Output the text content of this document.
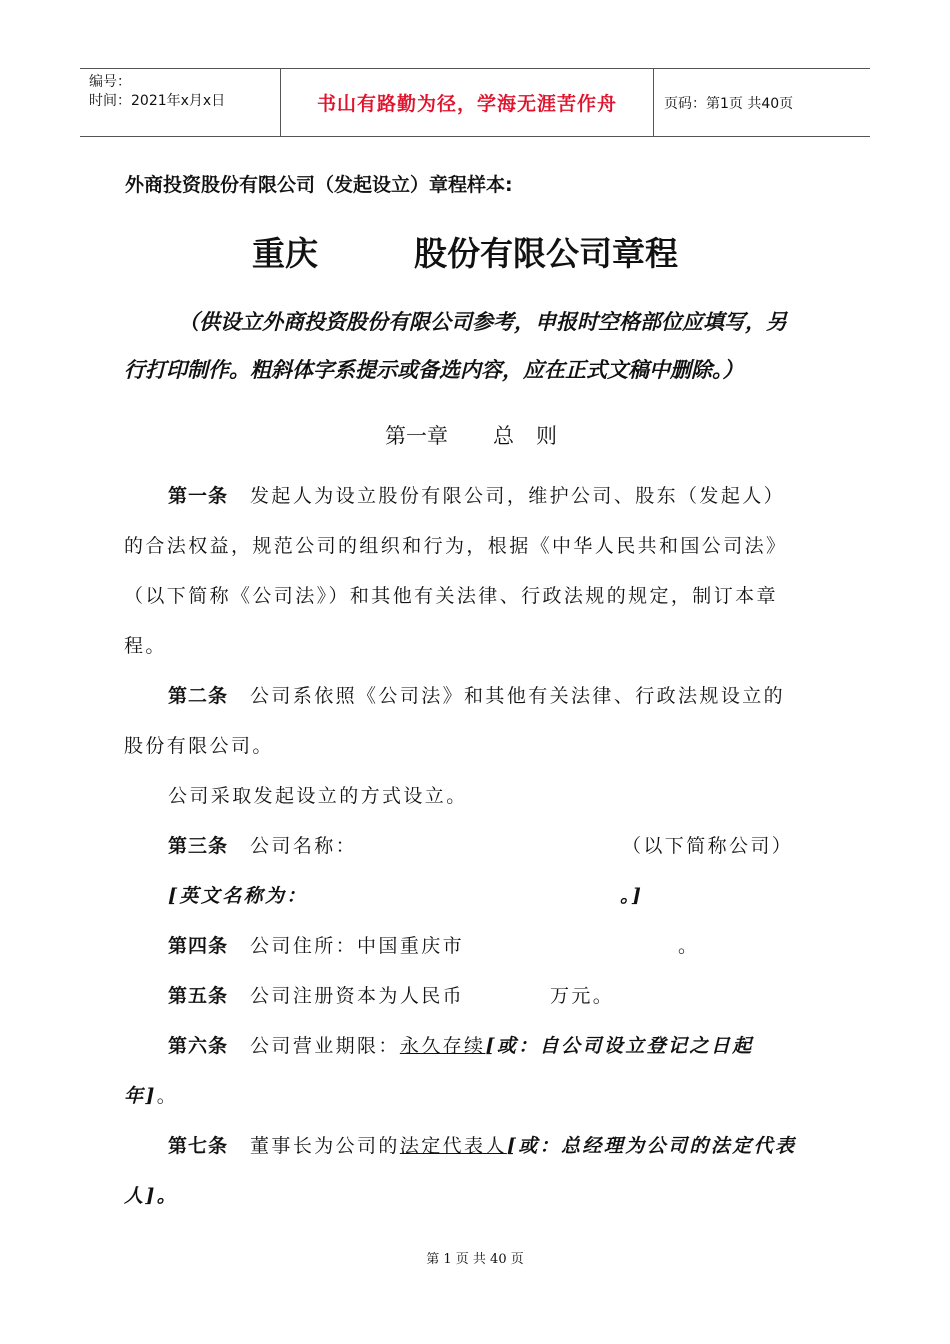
编号：
时间：2021年x月x日	书山有路勤为径，学海无涯苦作舟	页码：第1页 共40页
外商投资股份有限公司（发起设立）章程样本:
重庆	股份有限公司章程
（供设立外商投资股份有限公司参考，申报时空格部位应填写，另
行打印制作。粗斜体字系提示或备选内容，应在正式文稿中删除。）
第一章 总 则
第一条 发起人为设立股份有限公司，维护公司、股东（发起人）
的合法权益，规范公司的组织和行为，根据《中华人民共和国公司法》
（以下简称《公司法》）和其他有关法律、行政法规的规定，制订本章
程。
第二条 公司系依照《公司法》和其他有关法律、行政法规设立的
股份有限公司。
公司采取发起设立的方式设立。
第三条 公司名称：	（以下简称公司）
[英文名称为：	。]
第四条 公司住所：中国重庆市	。
第五条 公司注册资本为人民币	万元。
第六条 公司营业期限：永久存续[或：自公司设立登记之日起
年]。
第七条 董事长为公司的法定代表人[或：总经理为公司的法定代表
人]。
第 1 页 共 40 页
